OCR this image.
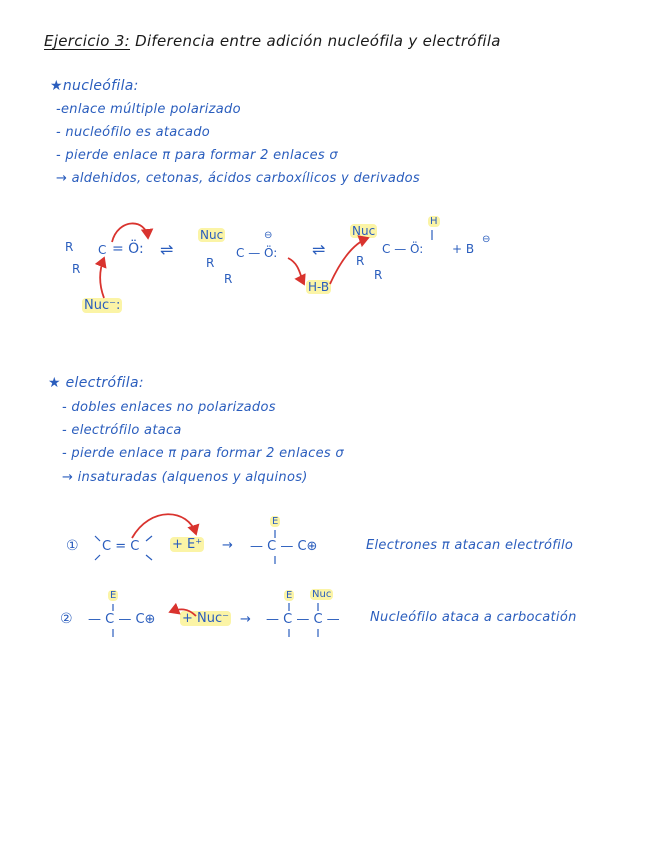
Ejercicio 3: Diferencia entre adición nucleófila y electrófila
★nucleófila:
-enlace múltiple polarizado
- nucleófilo es atacado
- pierde enlace π para formar 2 enlaces σ
→ aldehidos, cetonas, ácidos carboxílicos y derivados
R C = Ö:
R
Nuc⁻:
⇌
Nuc
R
C — Ö:
⊖
R
H-B
⇌
Nuc
R
C — Ö:
H
R
+ B
⊖
★ electrófila:
- dobles enlaces no polarizados
- electrófilo ataca
- pierde enlace π para formar 2 enlaces σ
→ insaturadas (alquenos y alquinos)
① C = C	+ E⁺ →
E
— C — C⊕	Electrones π atacan electrófilo
②
E
— C — C⊕ + Nuc⁻ →
E Nuc
— C — C — Nucleófilo ataca a carbocatión
